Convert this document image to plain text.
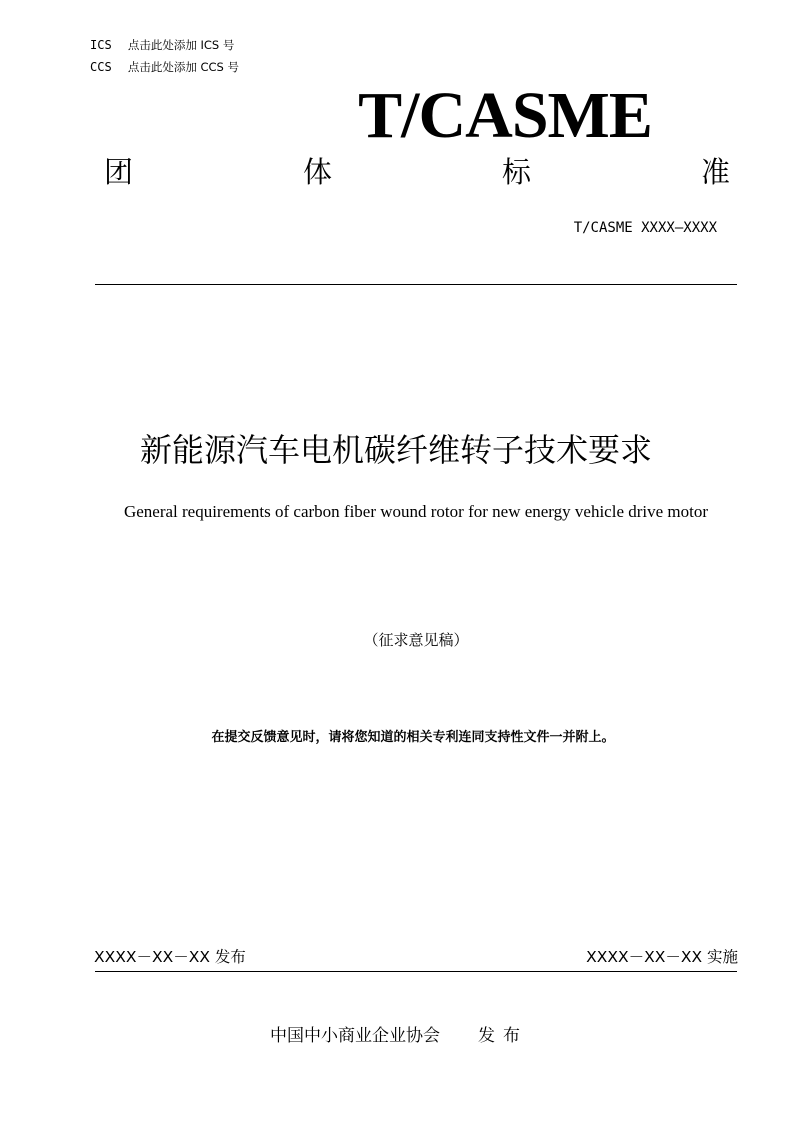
ICS 点击此处添加 ICS 号
CCS 点击此处添加 CCS 号
T/CASME
团	体	标	准
T/CASME XXXX—XXXX
新能源汽车电机碳纤维转子技术要求
General requirements of carbon fiber wound rotor for new energy vehicle drive motor
（征求意见稿）
在提交反馈意见时，请将您知道的相关专利连同支持性文件一并附上。
XXXX－XX－XX 发布	XXXX－XX－XX 实施
中国中小商业企业协会 发布
